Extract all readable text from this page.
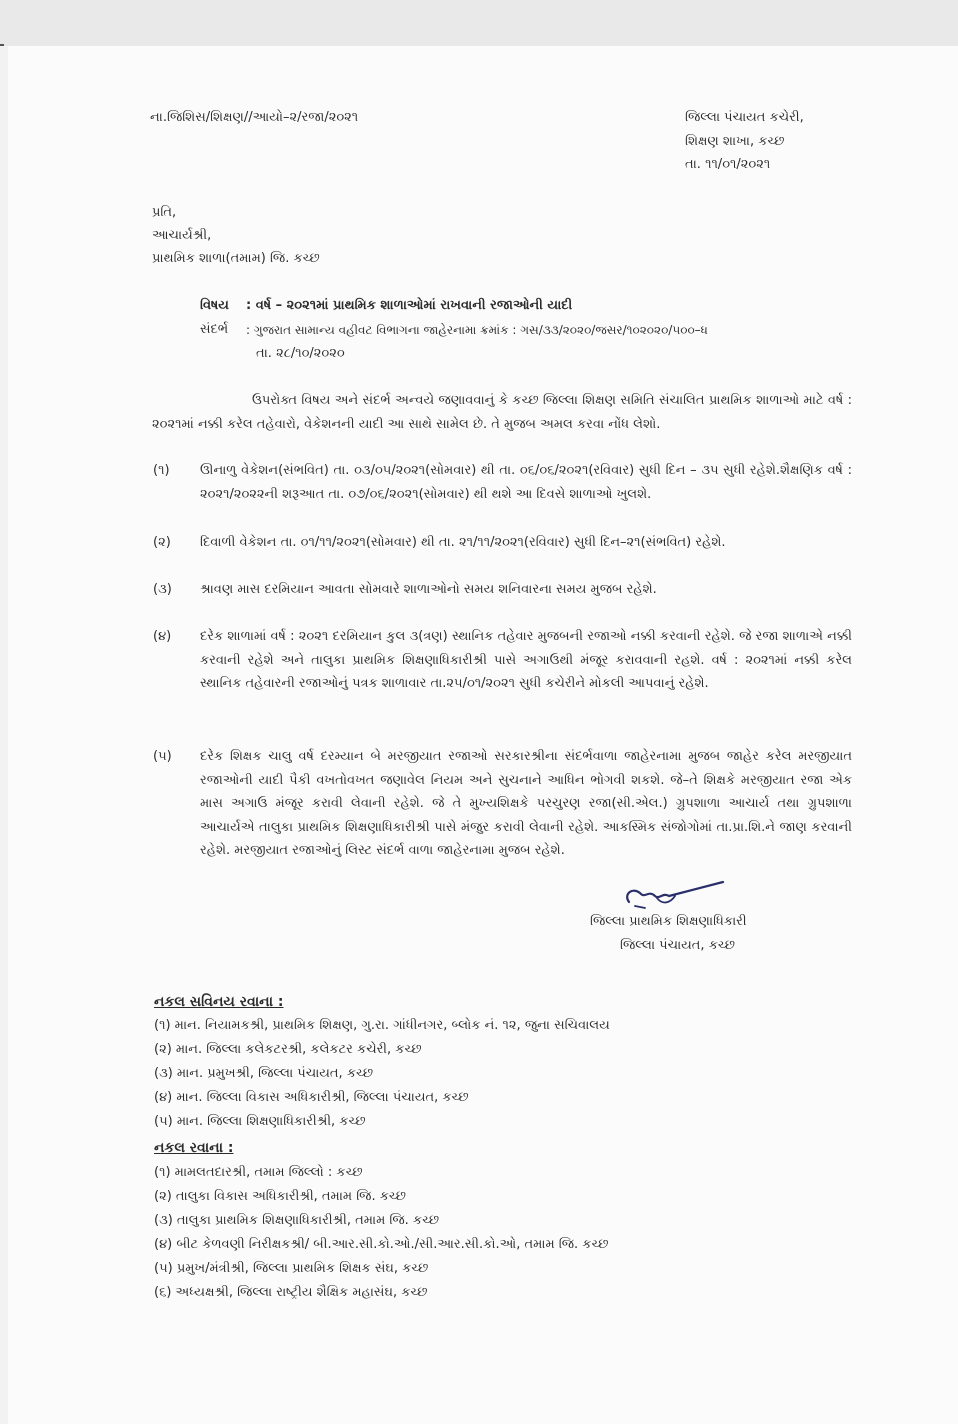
ના.જિશિસ/શિક્ષણ//આયો–૨/રજા/૨૦૨૧	જિલ્લા પંચાયત કચેરી,
શિક્ષણ શાખા, કચ્છ
તા. ૧૧/૦૧/૨૦૨૧
પ્રતિ,
આચાર્યશ્રી,
પ્રાથમિક શાળા(તમામ) જિ. કચ્છ
વિષય : વર્ષ – ૨૦૨૧માં પ્રાથમિક શાળાઓમાં રાખવાની રજાઓની યાદી
સંદર્ભ : ગુજરાત સામાન્ય વહીવટ વિભાગના જાહેરનામા ક્રમાંક : ગસ/૩૩/૨૦૨૦/જસર/૧૦૨૦૨૦/૫૦૦–ધ
તા. ૨૮/૧૦/૨૦૨૦
ઉપરોક્ત વિષય અને સંદર્ભ અન્વયે જણાવવાનું કે કચ્છ જિલ્લા શિક્ષણ સમિતિ સંચાલિત પ્રાથમિક શાળાઓ માટે વર્ષ : ૨૦૨૧માં નક્કી કરેલ તહેવારો, વેકેશનની યાદી આ સાથે સામેલ છે. તે મુજબ અમલ કરવા નોંધ લેશો.
(૧) ઊનાળુ વેકેશન(સંભવિત) તા. ૦૩/૦૫/૨૦૨૧(સોમવાર) થી તા. ૦૬/૦૬/૨૦૨૧(રવિવાર) સુધી દિન – ૩૫ સુધી રહેશે.શૈક્ષણિક વર્ષ : ૨૦૨૧/૨૦૨૨ની શરૂઆત તા. ૦૭/૦૬/૨૦૨૧(સોમવાર) થી થશે આ દિવસે શાળાઓ ખુલશે.
(૨) દિવાળી વેકેશન તા. ૦૧/૧૧/૨૦૨૧(સોમવાર) થી તા. ૨૧/૧૧/૨૦૨૧(રવિવાર) સુધી દિન–૨૧(સંભવિત) રહેશે.
(૩) શ્રાવણ માસ દરમિયાન આવતા સોમવારે શાળાઓનો સમય શનિવારના સમય મુજબ રહેશે.
(૪) દરેક શાળામાં વર્ષ : ૨૦૨૧ દરમિયાન કુલ ૩(ત્રણ) સ્થાનિક તહેવાર મુજબની રજાઓ નક્કી કરવાની રહેશે. જે રજા શાળાએ નક્કી કરવાની રહેશે અને તાલુકા પ્રાથમિક શિક્ષણાધિકારીશ્રી પાસે અગાઉથી મંજૂર કરાવવાની રહશે. વર્ષ : ૨૦૨૧માં નક્કી કરેલ સ્થાનિક તહેવારની રજાઓનું પત્રક શાળાવાર તા.૨૫/૦૧/૨૦૨૧ સુધી કચેરીને મોકલી આપવાનું રહેશે.
(૫) દરેક શિક્ષક ચાલુ વર્ષ દરમ્યાન બે મરજીયાત રજાઓ સરકારશ્રીના સંદર્ભવાળા જાહેરનામા મુજબ જાહેર કરેલ મરજીયાત રજાઓની યાદી પૈકી વખતોવખત જણાવેલ નિયમ અને સુચનાને આધિન ભોગવી શકશે. જે–તે શિક્ષકે મરજીયાત રજા એક માસ અગાઉ મંજૂર કરાવી લેવાની રહેશે. જે તે મુખ્યશિક્ષકે પરચુરણ રજા(સી.એલ.) ગ્રુપશાળા આચાર્ય તથા ગ્રુપશાળા આચાર્યએ તાલુકા પ્રાથમિક શિક્ષણાધિકારીશ્રી પાસે મંજુર કરાવી લેવાની રહેશે. આકસ્મિક સંજોગોમાં તા.પ્રા.શિ.ને જાણ કરવાની રહેશે. મરજીયાત રજાઓનું લિસ્ટ સંદર્ભ વાળા જાહેરનામા મુજબ રહેશે.
જિલ્લા પ્રાથમિક શિક્ષણાધિકારી
જિલ્લા પંચાયત, કચ્છ
નકલ સવિનય રવાના :
(૧) માન. નિયામકશ્રી, પ્રાથમિક શિક્ષણ, ગુ.રા. ગાંધીનગર, બ્લોક નં. ૧૨, જુના સચિવાલય
(૨) માન. જિલ્લા કલેકટરશ્રી, કલેકટર કચેરી, કચ્છ
(૩) માન. પ્રમુખશ્રી, જિલ્લા પંચાયત, કચ્છ
(૪) માન. જિલ્લા વિકાસ અધિકારીશ્રી, જિલ્લા પંચાયત, કચ્છ
(૫) માન. જિલ્લા શિક્ષણાધિકારીશ્રી, કચ્છ
નકલ રવાના :
(૧) મામલતદારશ્રી, તમામ જિલ્લો : કચ્છ
(૨) તાલુકા વિકાસ અધિકારીશ્રી, તમામ જિ. કચ્છ
(૩) તાલુકા પ્રાથમિક શિક્ષણાધિકારીશ્રી, તમામ જિ. કચ્છ
(૪) બીટ કેળવણી નિરીક્ષકશ્રી/ બી.આર.સી.કો.ઓ./સી.આર.સી.કો.ઓ, તમામ જિ. કચ્છ
(૫) પ્રમુખ/મંત્રીશ્રી, જિલ્લા પ્રાથમિક શિક્ષક સંઘ, કચ્છ
(૬) અધ્યક્ષશ્રી, જિલ્લા રાષ્ટ્રીય શૈક્ષિક મહાસંઘ, કચ્છ
